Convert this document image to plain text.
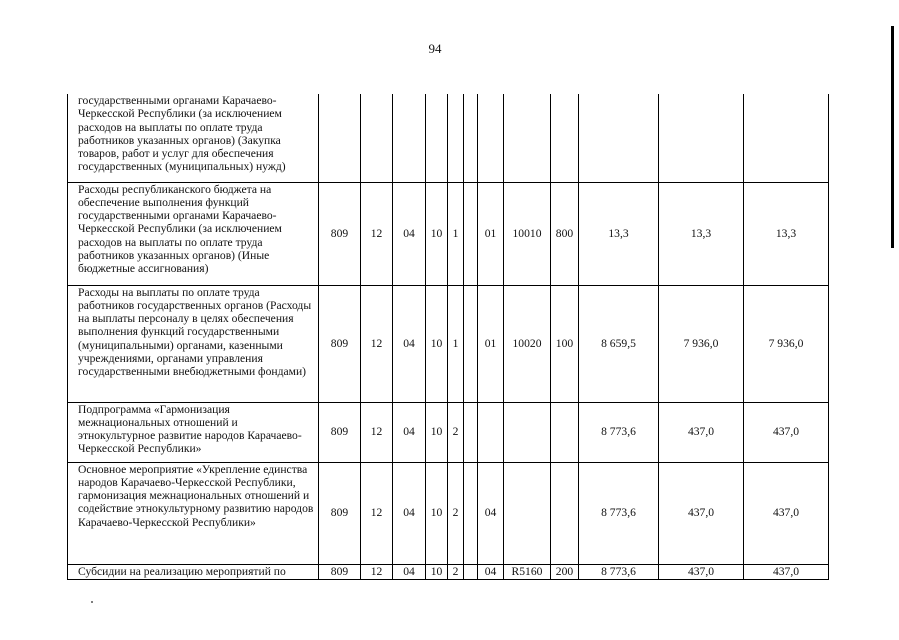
94
государственными органами Карачаево-Черкесской Республики (за исключением расходов на выплаты по оплате труда работников указанных органов) (Закупка товаров, работ и услуг для обеспечения государственных (муниципальных) нужд)												
Расходы республиканского бюджета на обеспечение выполнения функций государственными органами Карачаево-Черкесской Республики (за исключением расходов на выплаты по оплате труда работников указанных органов) (Иные бюджетные ассигнования)	809	12	04	10	1		01	10010	800	13,3	13,3	13,3
Расходы на выплаты по оплате труда работников государственных органов (Расходы на выплаты персоналу в целях обеспечения выполнения функций государственными (муниципальными) органами, казенными учреждениями, органами управления государственными внебюджетными фондами)	809	12	04	10	1		01	10020	100	8 659,5	7 936,0	7 936,0
Подпрограмма «Гармонизация межнациональных отношений и этнокультурное развитие народов Карачаево-Черкесской Республики»	809	12	04	10	2					8 773,6	437,0	437,0
Основное мероприятие «Укрепление единства народов Карачаево-Черкесской Республики, гармонизация межнациональных отношений и содействие этнокультурному развитию народов Карачаево-Черкесской Республики»	809	12	04	10	2		04			8 773,6	437,0	437,0
Субсидии на реализацию мероприятий по	809	12	04	10	2		04	R5160	200	8 773,6	437,0	437,0
